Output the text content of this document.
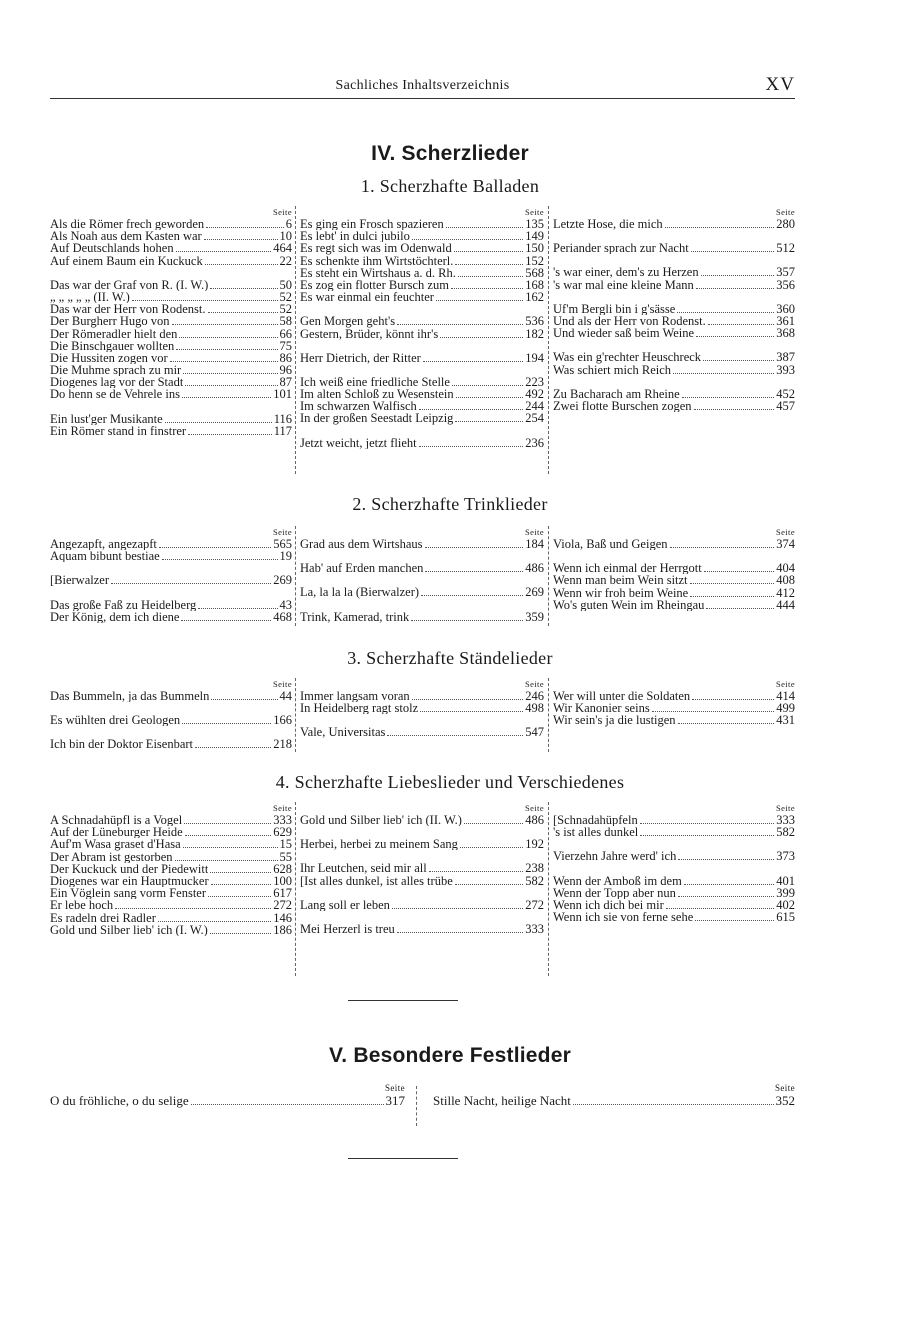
Sachliches Inhaltsverzeichnis	XV
IV. Scherzlieder
1. Scherzhafte Balladen
Seite
Als die Römer frech geworden	6
Als Noah aus dem Kasten war	10
Auf Deutschlands hohen	464
Auf einem Baum ein Kuckuck	22
Das war der Graf von R. (I. W.)	50
„ „ „ „ „ (II. W.)	52
Das war der Herr von Rodenst.	52
Der Burgherr Hugo von	58
Der Römeradler hielt den	66
Die Binschgauer wollten	75
Die Hussiten zogen vor	86
Die Muhme sprach zu mir	96
Diogenes lag vor der Stadt	87
Do henn se de Vehrele ins	101
Ein lust'ger Musikante	116
Ein Römer stand in finstrer	117
Seite
Es ging ein Frosch spazieren	135
Es lebt' in dulci jubilo	149
Es regt sich was im Odenwald	150
Es schenkte ihm Wirtstöchterl.	152
Es steht ein Wirtshaus a. d. Rh.	568
Es zog ein flotter Bursch zum	168
Es war einmal ein feuchter	162
Gen Morgen geht's	536
Gestern, Brüder, könnt ihr's	182
Herr Dietrich, der Ritter	194
Ich weiß eine friedliche Stelle	223
Im alten Schloß zu Wesenstein	492
Im schwarzen Walfisch	244
In der großen Seestadt Leipzig	254
Jetzt weicht, jetzt flieht	236
Seite
Letzte Hose, die mich	280
Periander sprach zur Nacht	512
's war einer, dem's zu Herzen	357
's war mal eine kleine Mann	356
Uf'm Bergli bin i g'sässe	360
Und als der Herr von Rodenst.	361
Und wieder saß beim Weine	368
Was ein g'rechter Heuschreck	387
Was schiert mich Reich	393
Zu Bacharach am Rheine	452
Zwei flotte Burschen zogen	457
2. Scherzhafte Trinklieder
Seite
Angezapft, angezapft	565
Aquam bibunt bestiae	19
[Bierwalzer	269
Das große Faß zu Heidelberg	43
Der König, dem ich diene	468
Seite
Grad aus dem Wirtshaus	184
Hab' auf Erden manchen	486
La, la la la (Bierwalzer)	269
Trink, Kamerad, trink	359
Seite
Viola, Baß und Geigen	374
Wenn ich einmal der Herrgott	404
Wenn man beim Wein sitzt	408
Wenn wir froh beim Weine	412
Wo's guten Wein im Rheingau	444
3. Scherzhafte Ständelieder
Seite
Das Bummeln, ja das Bummeln	44
Es wühlten drei Geologen	166
Ich bin der Doktor Eisenbart	218
Seite
Immer langsam voran	246
In Heidelberg ragt stolz	498
Vale, Universitas	547
Seite
Wer will unter die Soldaten	414
Wir Kanonier seins	499
Wir sein's ja die lustigen	431
4. Scherzhafte Liebeslieder und Verschiedenes
Seite
A Schnadahüpfl is a Vogel	333
Auf der Lüneburger Heide	629
Auf'm Wasa graset d'Hasa	15
Der Abram ist gestorben	55
Der Kuckuck und der Piedewitt	628
Diogenes war ein Hauptmucker	100
Ein Vöglein sang vorm Fenster	617
Er lebe hoch	272
Es radeln drei Radler	146
Gold und Silber lieb' ich (I. W.)	186
Seite
Gold und Silber lieb' ich (II. W.)	486
Herbei, herbei zu meinem Sang	192
Ihr Leutchen, seid mir all	238
[Ist alles dunkel, ist alles trübe	582
Lang soll er leben	272
Mei Herzerl is treu	333
Seite
[Schnadahüpfeln	333
's ist alles dunkel	582
Vierzehn Jahre werd' ich	373
Wenn der Amboß im dem	401
Wenn der Topp aber nun	399
Wenn ich dich bei mir	402
Wenn ich sie von ferne sehe	615
V. Besondere Festlieder
Seite
O du fröhliche, o du selige	317
Seite
Stille Nacht, heilige Nacht	352
